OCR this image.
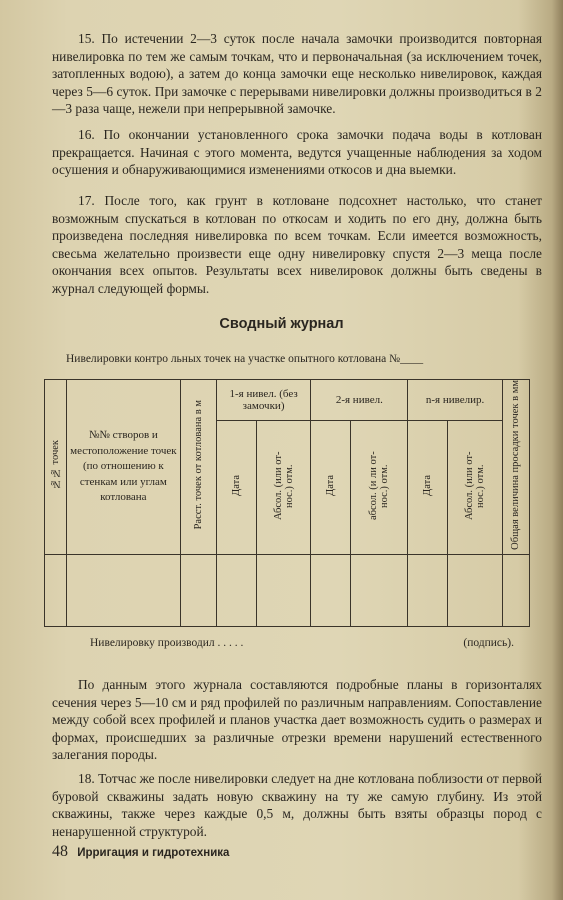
15. По истечении 2—3 суток после начала замочки производится повторная нивелировка по тем же самым точкам, что и первоначальная (за исключением точек, затопленных водою), а затем до конца замочки еще несколько нивелировок, каждая через 5—6 суток. При замочке с перерывами нивелировки должны производиться в 2—3 раза чаще, нежели при непрерывной замочке.

16. По окончании установленного срока замочки подача воды в котлован прекращается. Начиная с этого момента, ведутся учащенные наблюдения за ходом осушения и обнаруживающимися изменениями откосов и дна выемки.

17. После того, как грунт в котловане подсохнет настолько, что станет возможным спускаться в котлован по откосам и ходить по его дну, должна быть произведена последняя нивелировка по всем точкам. Если имеется возможность, свесьма желательно произвести еще одну нивелировку спустя 2—3 меща после окончания всех опытов. Результаты всех нивелировок должны быть сведены в журнал следующей формы.

Сводный журнал

Нивелировки контро льных точек на участке опытного котлована №____

№№ точек	№№ створов и местоположение точек (по отношению к стенкам или углам котлована	Расст. точек от котлована в м	1-я нивел. (без замочки)		2-я нивел.		n-я нивелир.		Общая величина просадки точек в мм
			Дата	Абсол. (или от- нос.) отм.	Дата	абсол. (и ли от- нос.) отм.	Дата	Абсол. (или от- нос.) отм.	

Нивелировку производил . . . . .	(подпись).

По данным этого журнала составляются подробные планы в горизонталях сечения через 5—10 см и ряд профилей по различным направлениям. Сопоставление между собой всех профилей и планов участка дает возможность судить о размерах и формах, происшедших за различные отрезки времени нарушений естественного залегания породы.

18. Тотчас же после нивелировки следует на дне котлована поблизости от первой буровой скважины задать новую скважину на ту же самую глубину. Из этой скважины, также через каждые 0,5 м, должны быть взяты образцы пород с ненарушенной структурой.

48 Ирригация и гидротехника
